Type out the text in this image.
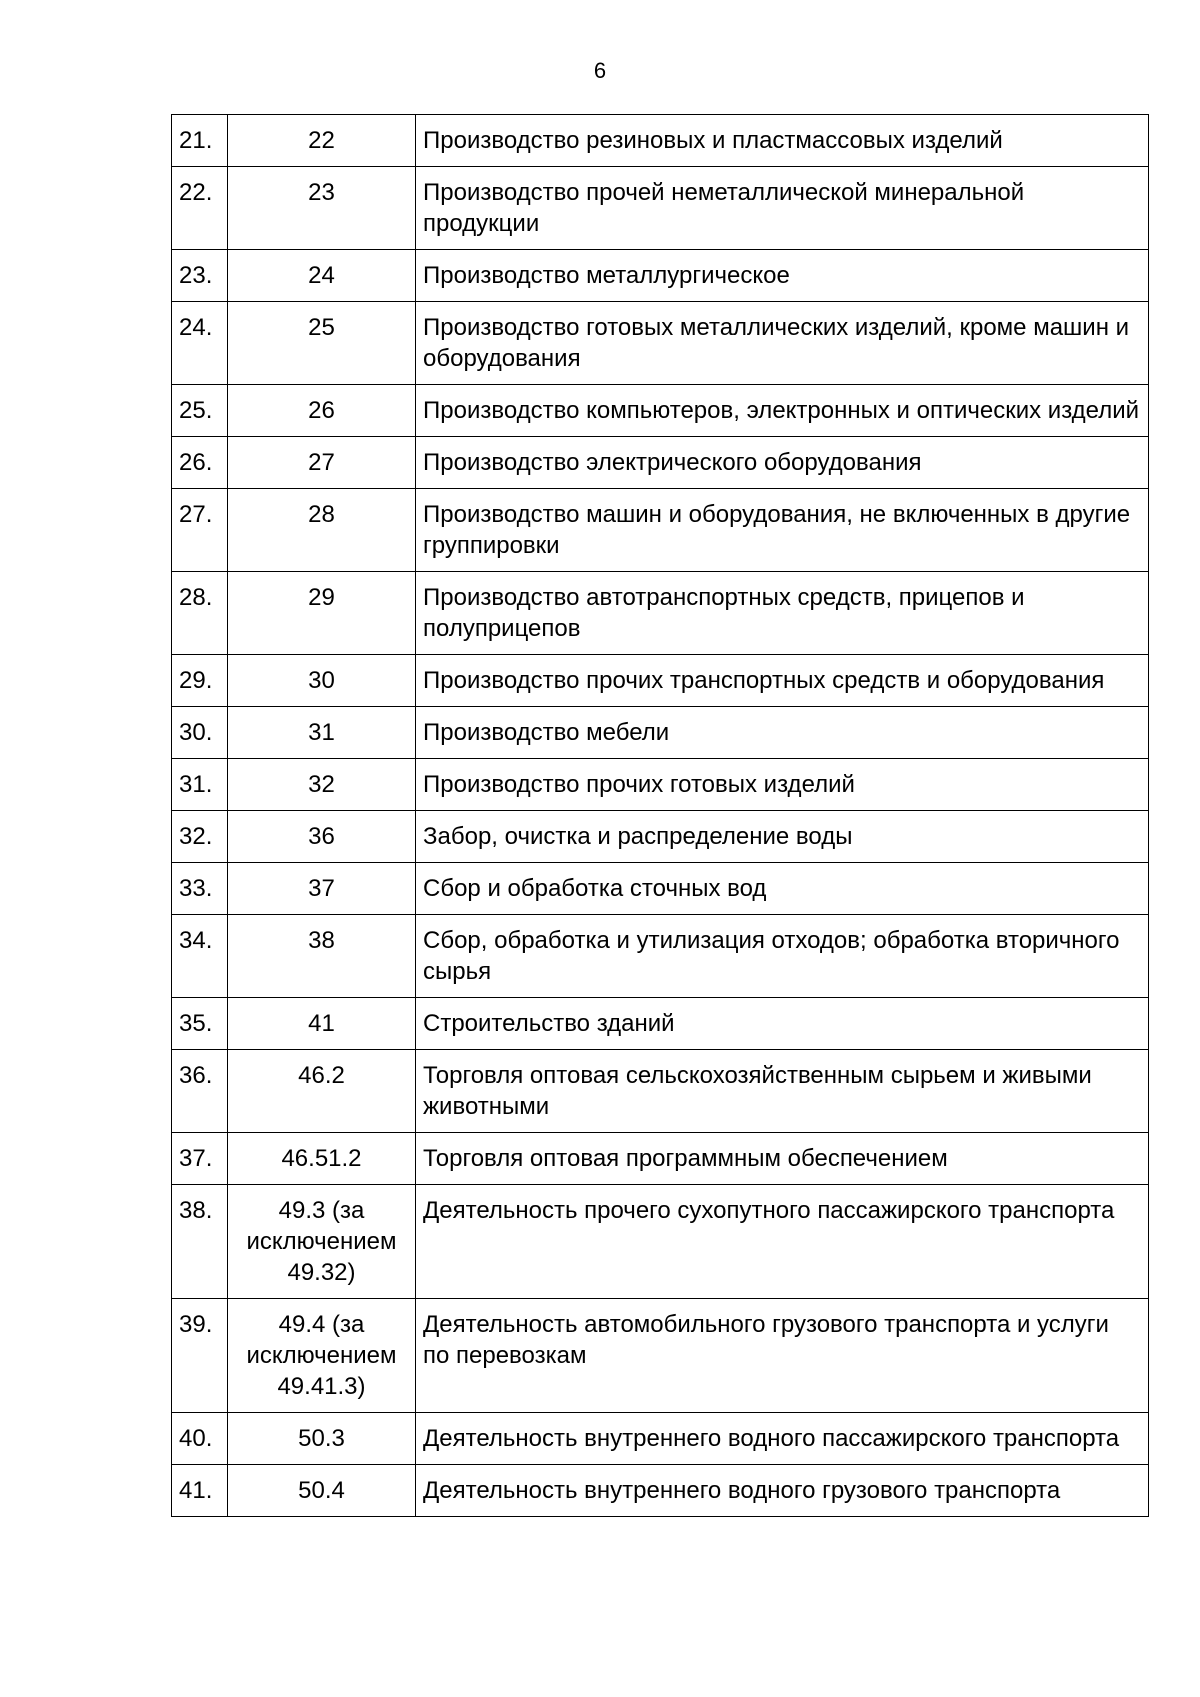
6
21.	22	Производство резиновых и пластмассовых изделий
22.	23	Производство прочей неметаллической минеральной продукции
23.	24	Производство металлургическое
24.	25	Производство готовых металлических изделий, кроме машин и оборудования
25.	26	Производство компьютеров, электронных и оптических изделий
26.	27	Производство электрического оборудования
27.	28	Производство машин и оборудования, не включенных в другие группировки
28.	29	Производство автотранспортных средств, прицепов и полуприцепов
29.	30	Производство прочих транспортных средств и оборудования
30.	31	Производство мебели
31.	32	Производство прочих готовых изделий
32.	36	Забор, очистка и распределение воды
33.	37	Сбор и обработка сточных вод
34.	38	Сбор, обработка и утилизация отходов; обработка вторичного сырья
35.	41	Строительство зданий
36.	46.2	Торговля оптовая сельскохозяйственным сырьем и живыми животными
37.	46.51.2	Торговля оптовая программным обеспечением
38.	49.3 (за исключением 49.32)	Деятельность прочего сухопутного пассажирского транспорта
39.	49.4 (за исключением 49.41.3)	Деятельность автомобильного грузового транспорта и услуги по перевозкам
40.	50.3	Деятельность внутреннего водного пассажирского транспорта
41.	50.4	Деятельность внутреннего водного грузового транспорта
